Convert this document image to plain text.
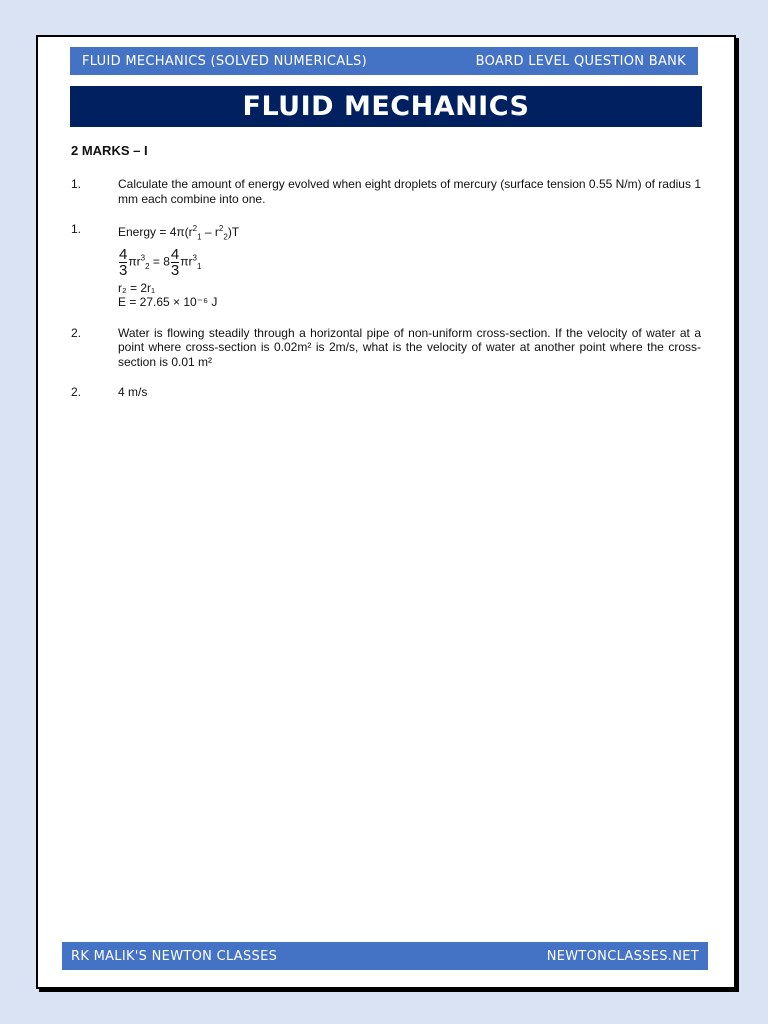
FLUID MECHANICS (SOLVED NUMERICALS)	BOARD LEVEL QUESTION BANK
FLUID MECHANICS
2 MARKS – I
1.	Calculate the amount of energy evolved when eight droplets of mercury (surface tension 0.55 N/m) of radius 1 mm each combine into one.
1.	Energy = $4\pi(r^2_1 - r^2_2)T$
$\frac{4}{3} \pi r^3_2 = 8 \frac{4}{3} \pi r^3_1$
r₂ = 2r₁
E = 27.65 × 10⁻⁶ J
2.	Water is flowing steadily through a horizontal pipe of non-uniform cross-section. If the velocity of water at a point where cross-section is 0.02m² is 2m/s, what is the velocity of water at another point where the cross-section is 0.01 m²
2.	4 m/s
RK MALIK'S NEWTON CLASSES	NEWTONCLASSES.NET
